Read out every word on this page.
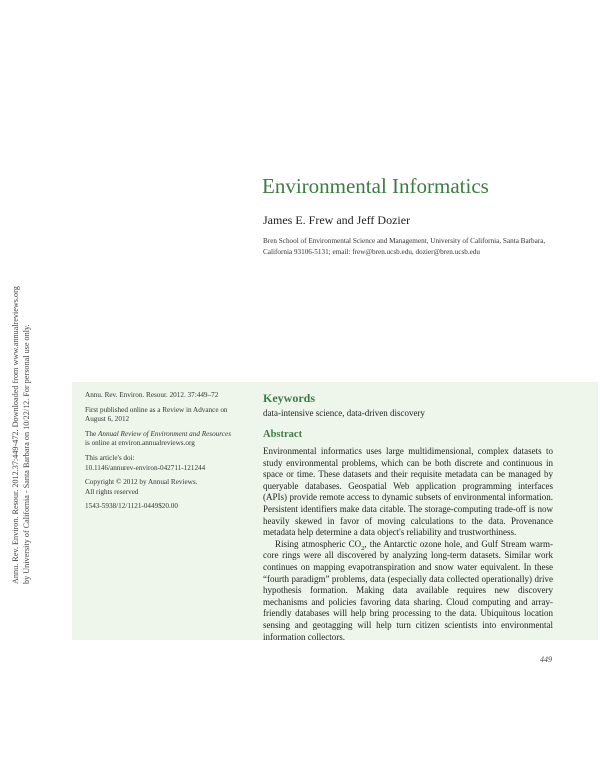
Annu. Rev. Environ. Resour. 2012.37:449-472. Downloaded from www.annualreviews.org by University of California - Santa Barbara on 10/22/12. For personal use only.
Environmental Informatics
James E. Frew and Jeff Dozier
Bren School of Environmental Science and Management, University of California, Santa Barbara, California 93106-5131; email: frew@bren.ucsb.edu, dozier@bren.ucsb.edu

Annu. Rev. Environ. Resour. 2012. 37:449–72

First published online as a Review in Advance on August 6, 2012

The Annual Review of Environment and Resources is online at environ.annualreviews.org

This article's doi:
10.1146/annurev-environ-042711-121244

Copyright © 2012 by Annual Reviews.
All rights reserved

1543-5938/12/1121-0449$20.00

Keywords
data-intensive science, data-driven discovery
Abstract

Environmental informatics uses large multidimensional, complex datasets to study environmental problems, which can be both discrete and continuous in space or time. These datasets and their requisite metadata can be managed by queryable databases. Geospatial Web application programming interfaces (APIs) provide remote access to dynamic subsets of environmental information. Persistent identifiers make data citable. The storage-computing trade-off is now heavily skewed in favor of moving calculations to the data. Provenance metadata help determine a data object's reliability and trustworthiness.

Rising atmospheric $CO_2$, the Antarctic ozone hole, and Gulf Stream warm-core rings were all discovered by analyzing long-term datasets. Similar work continues on mapping evapotranspiration and snow water equivalent. In these “fourth paradigm” problems, data (especially data collected operationally) drive hypothesis formation. Making data available requires new discovery mechanisms and policies favoring data sharing. Cloud computing and array-friendly databases will help bring processing to the data. Ubiquitous location sensing and geotagging will help turn citizen scientists into environmental information collectors.

449
